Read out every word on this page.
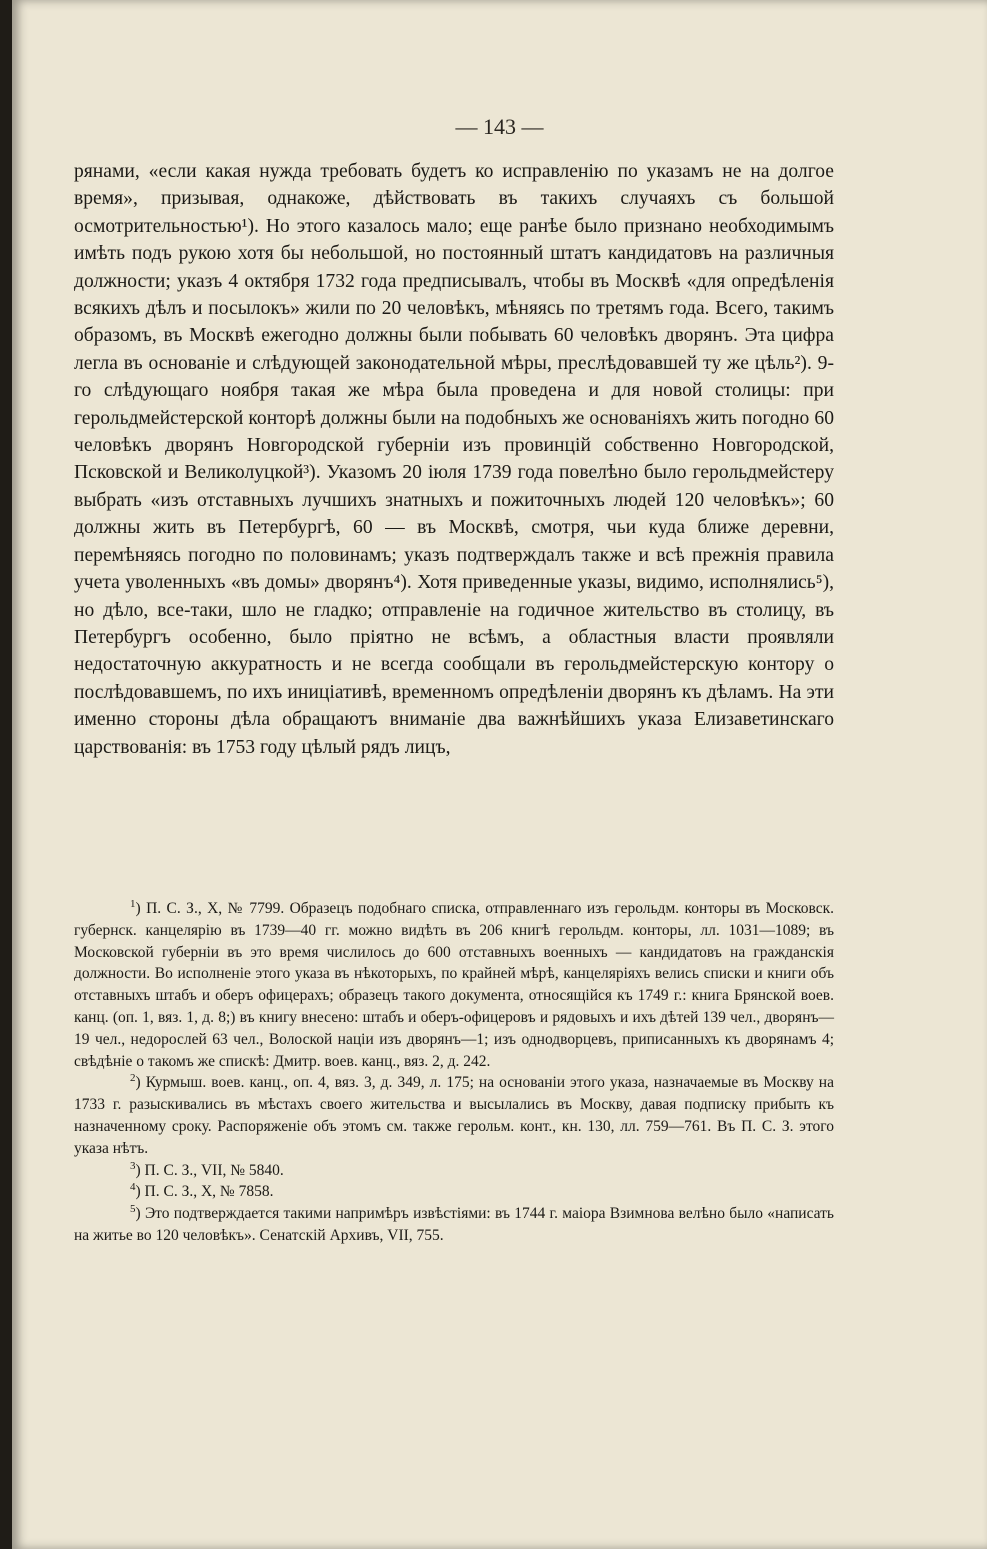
— 143 —

рянами, «если какая нужда требовать будетъ ко исправленію по указамъ не на долгое время», призывая, однакоже, дѣйствовать въ такихъ случаяхъ съ большой осмотрительностью¹). Но этого казалось мало; еще ранѣе было признано необходимымъ имѣть подъ рукою хотя бы небольшой, но постоянный штатъ кандидатовъ на различныя должности; указъ 4 октября 1732 года предписывалъ, чтобы въ Москвѣ «для опредѣленія всякихъ дѣлъ и посылокъ» жили по 20 человѣкъ, мѣняясь по третямъ года. Всего, такимъ образомъ, въ Москвѣ ежегодно должны были побывать 60 человѣкъ дворянъ. Эта цифра легла въ основаніе и слѣдующей законодательной мѣры, преслѣдовавшей ту же цѣль²). 9-го слѣдующаго ноября такая же мѣра была проведена и для новой столицы: при герольдмейстерской конторѣ должны были на подобныхъ же основаніяхъ жить погодно 60 человѣкъ дворянъ Новгородской губерніи изъ провинцій собственно Новгородской, Псковской и Великолуцкой³). Указомъ 20 іюля 1739 года повелѣно было герольдмейстеру выбрать «изъ отставныхъ лучшихъ знатныхъ и пожиточныхъ людей 120 человѣкъ»; 60 должны жить въ Петербургѣ, 60 — въ Москвѣ, смотря, чьи куда ближе деревни, перемѣняясь погодно по половинамъ; указъ подтверждалъ также и всѣ прежнія правила учета уволенныхъ «въ домы» дворянъ⁴). Хотя приведенные указы, видимо, исполнялись⁵), но дѣло, все-таки, шло не гладко; отправленіе на годичное жительство въ столицу, въ Петербургъ особенно, было пріятно не всѣмъ, а областныя власти проявляли недостаточную аккуратность и не всегда сообщали въ герольдмейстерскую контору о послѣдовавшемъ, по ихъ иниціативѣ, временномъ опредѣленіи дворянъ къ дѣламъ. На эти именно стороны дѣла обращаютъ вниманіе два важнѣйшихъ указа Елизаветинскаго царствованія: въ 1753 году цѣлый рядъ лицъ,

$^1$) П. С. З., X, № 7799. Образецъ подобнаго списка, отправленнаго изъ герольдм. конторы въ Московск. губернск. канцелярію въ 1739—40 гг. можно видѣть въ 206 книгѣ герольдм. конторы, лл. 1031—1089; въ Московской губерніи въ это время числилось до 600 отставныхъ военныхъ — кандидатовъ на гражданскія должности. Во исполненіе этого указа въ нѣкоторыхъ, по крайней мѣрѣ, канцеляріяхъ велись списки и книги объ отставныхъ штабъ и оберъ офицерахъ; образецъ такого документа, относящійся къ 1749 г.: книга Брянской воев. канц. (оп. 1, вяз. 1, д. 8;) въ книгу внесено: штабъ и оберъ-офицеровъ и рядовыхъ и ихъ дѣтей 139 чел., дворянъ—19 чел., недорослей 63 чел., Волоской націи изъ дворянъ—1; изъ однодворцевъ, приписанныхъ къ дворянамъ 4; свѣдѣніе о такомъ же спискѣ: Дмитр. воев. канц., вяз. 2, д. 242.

$^2$) Курмыш. воев. канц., оп. 4, вяз. 3, д. 349, л. 175; на основаніи этого указа, назначаемые въ Москву на 1733 г. разыскивались въ мѣстахъ своего жительства и высылались въ Москву, давая подписку прибыть къ назначенному сроку. Распоряженіе объ этомъ см. также герольм. конт., кн. 130, лл. 759—761. Въ П. С. З. этого указа нѣтъ.

$^3$) П. С. З., VII, № 5840.

$^4$) П. С. З., X, № 7858.

$^5$) Это подтверждается такими напримѣръ извѣстіями: въ 1744 г. маіора Взимнова велѣно было «написать на житье во 120 человѣкъ». Сенатскій Архивъ, VII, 755.
